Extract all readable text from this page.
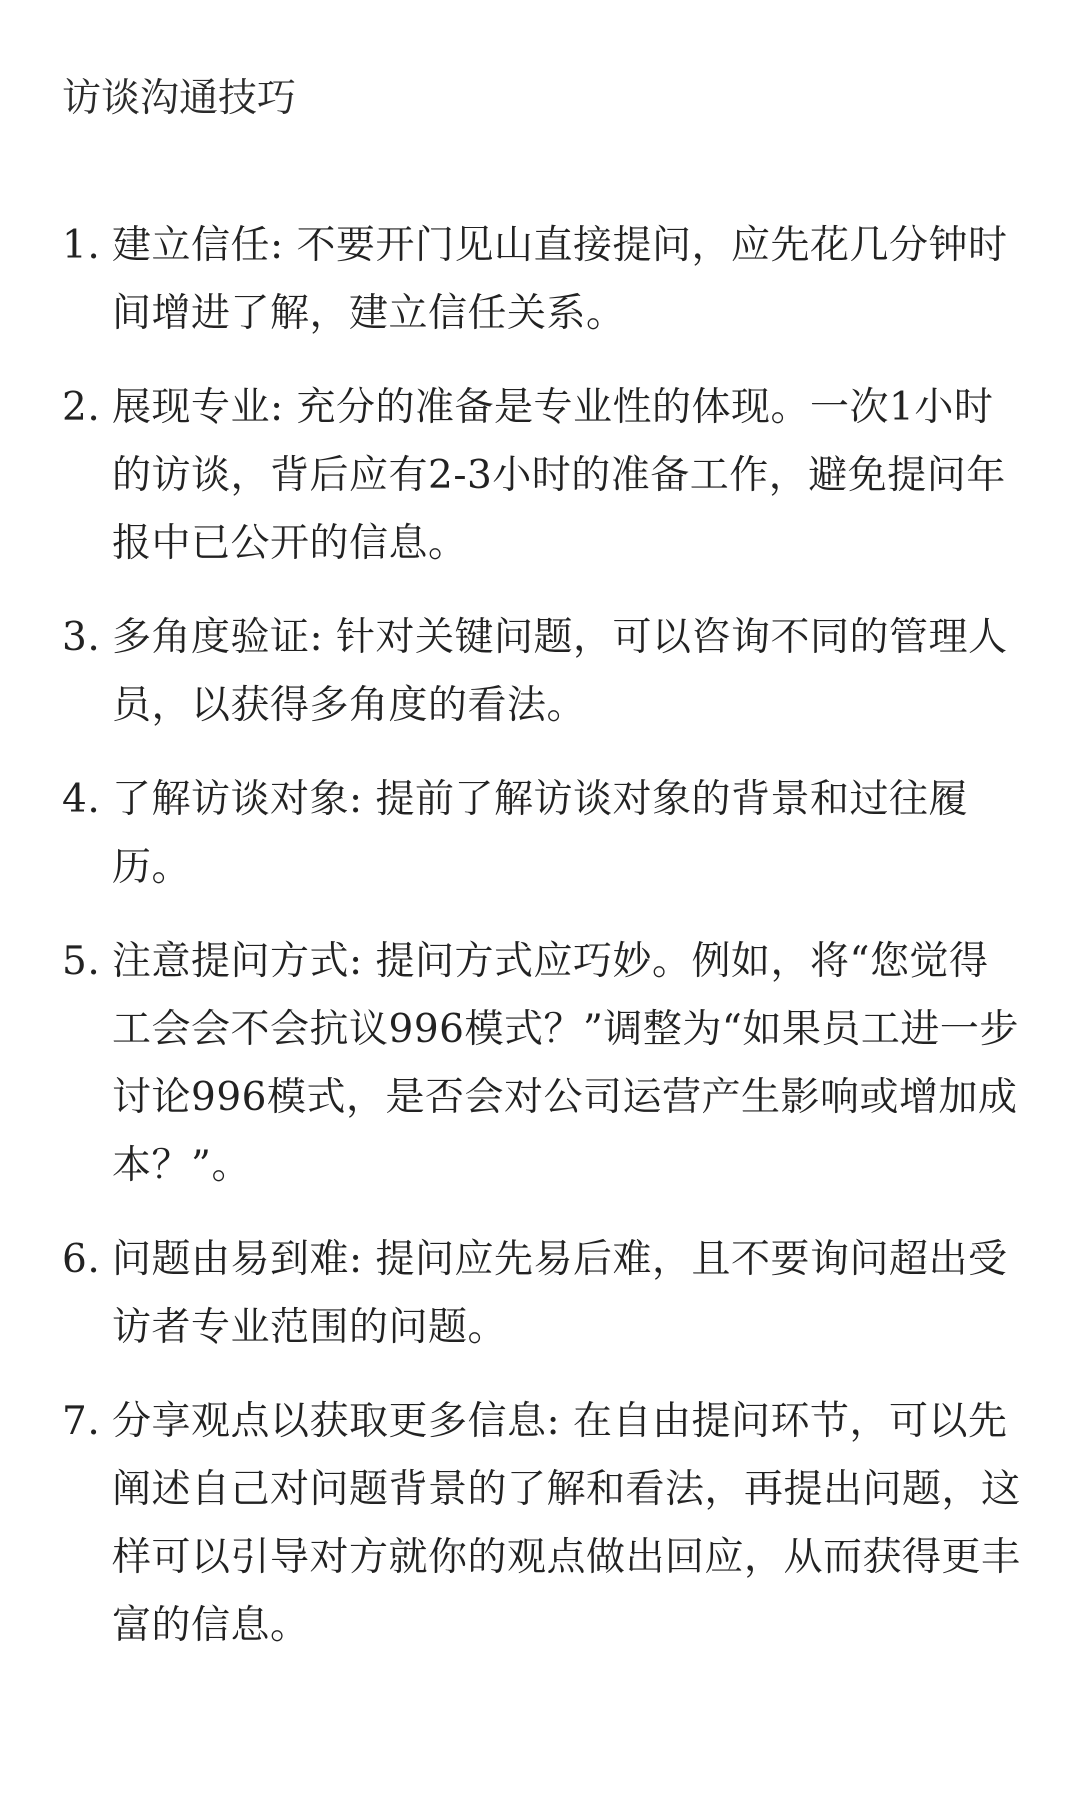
访谈沟通技巧
1. 建立信任: 不要开门见山直接提问，应先花几分钟时间增进了解，建立信任关系。
2. 展现专业: 充分的准备是专业性的体现。一次1小时的访谈，背后应有2-3小时的准备工作，避免提问年报中已公开的信息。
3. 多角度验证: 针对关键问题，可以咨询不同的管理人员，以获得多角度的看法。
4. 了解访谈对象: 提前了解访谈对象的背景和过往履历。
5. 注意提问方式: 提问方式应巧妙。例如，将“您觉得工会会不会抗议996模式？”调整为“如果员工进一步讨论996模式，是否会对公司运营产生影响或增加成本？”。
6. 问题由易到难: 提问应先易后难，且不要询问超出受访者专业范围的问题。
7. 分享观点以获取更多信息: 在自由提问环节，可以先阐述自己对问题背景的了解和看法，再提出问题，这样可以引导对方就你的观点做出回应，从而获得更丰富的信息。
